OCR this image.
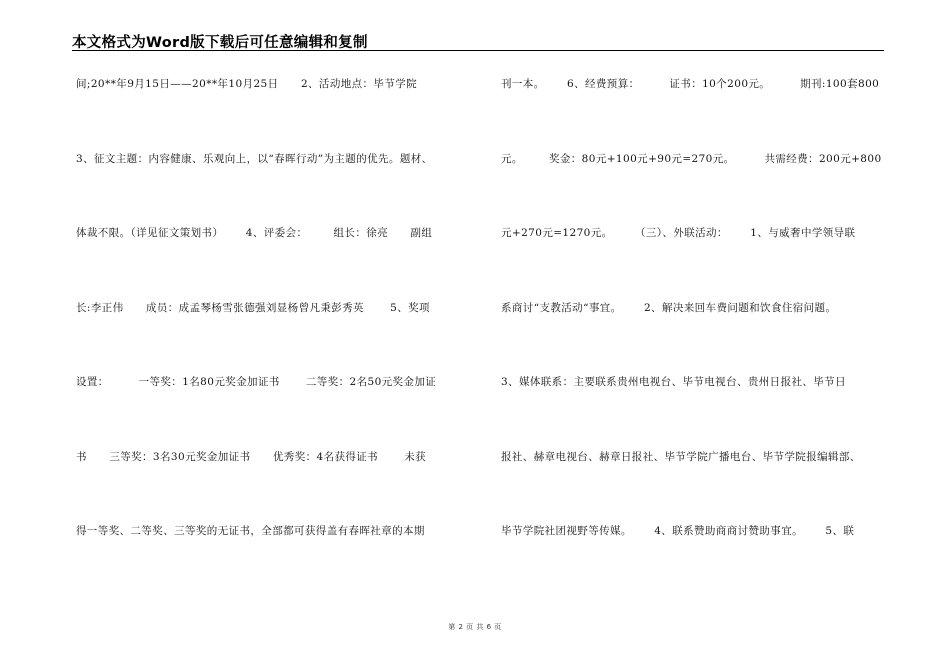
本文格式为Word版下载后可任意编辑和复制
间;20**年9月15日——20**年10月25日      2、活动地点：毕节学院
3、征文主题：内容健康、乐观向上，以“春晖行动”为主题的优先。题材、
体裁不限。（详见征文策划书）      4、评委会：       组长：徐亮      副组
长:李正伟      成员：成孟琴杨雪张德强刘显杨曾凡秉彭秀英       5、奖项
设置：        一等奖：1名80元奖金加证书       二等奖：2名50元奖金加证
书      三等奖：3名30元奖金加证书      优秀奖：4名获得证书       未获
得一等奖、二等奖、三等奖的无证书，全部都可获得盖有春晖社章的本期
刊一本。      6、经费预算：        证书：10个200元。        期刊:100套800
元。       奖金：80元+100元+90元=270元。        共需经费：200元+800
元+270元=1270元。      （三）、外联活动：      1、与威奢中学领导联
系商讨“支教活动“事宜。      2、解决来回车费问题和饮食住宿问题。
3、媒体联系：主要联系贵州电视台、毕节电视台、贵州日报社、毕节日
报社、赫章电视台、赫章日报社、毕节学院广播电台、毕节学院报编辑部、
毕节学院社团视野等传媒。      4、联系赞助商商讨赞助事宜。      5、联
第 2 页 共 6 页
